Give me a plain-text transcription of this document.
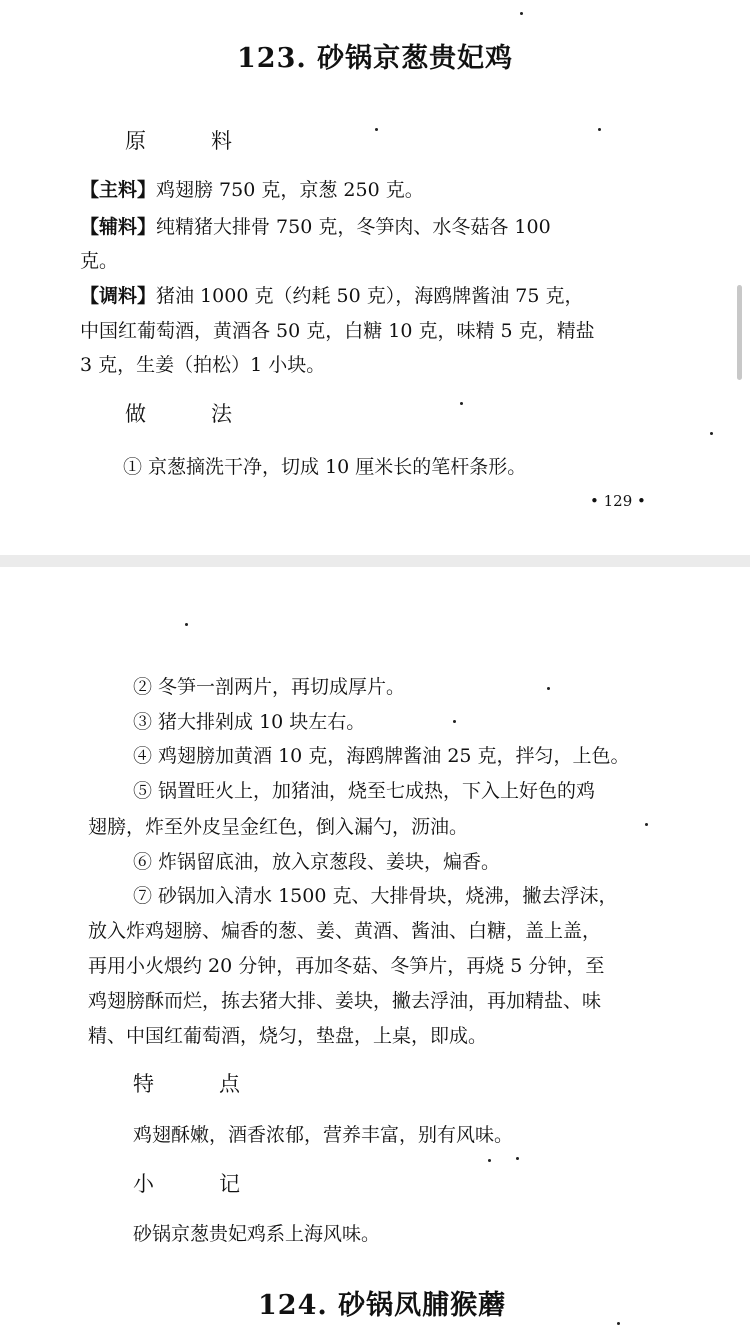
123. 砂锅京葱贵妃鸡
原　料
【主料】鸡翅膀 750 克，京葱 250 克。
【辅料】纯精猪大排骨 750 克，冬笋肉、水冬菇各 100
克。
【调料】猪油 1000 克（约耗 50 克），海鸥牌酱油 75 克，
中国红葡萄酒，黄酒各 50 克，白糖 10 克，味精 5 克，精盐
3 克，生姜（拍松）1 小块。
做　法
① 京葱摘洗干净，切成 10 厘米长的笔杆条形。
• 129 •
② 冬笋一剖两片，再切成厚片。
③ 猪大排剁成 10 块左右。
④ 鸡翅膀加黄酒 10 克，海鸥牌酱油 25 克，拌匀，上色。
⑤ 锅置旺火上，加猪油，烧至七成热，下入上好色的鸡
翅膀，炸至外皮呈金红色，倒入漏勺，沥油。
⑥ 炸锅留底油，放入京葱段、姜块，煸香。
⑦ 砂锅加入清水 1500 克、大排骨块，烧沸，撇去浮沫，
放入炸鸡翅膀、煸香的葱、姜、黄酒、酱油、白糖，盖上盖，
再用小火煨约 20 分钟，再加冬菇、冬笋片，再烧 5 分钟，至
鸡翅膀酥而烂，拣去猪大排、姜块，撇去浮油，再加精盐、味
精、中国红葡萄酒，烧匀，垫盘，上桌，即成。
特　点
鸡翅酥嫩，酒香浓郁，营养丰富，别有风味。
小　记
砂锅京葱贵妃鸡系上海风味。
124. 砂锅凤脯猴蘑
